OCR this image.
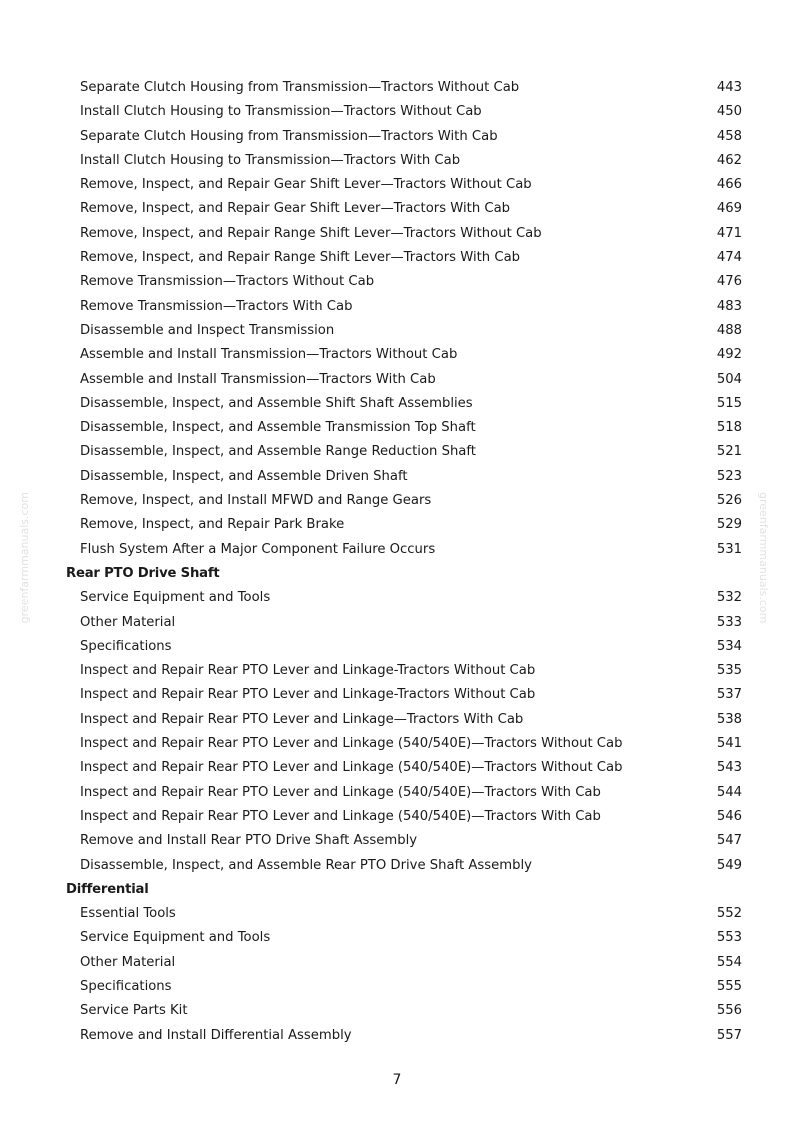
greenfarmmanuals.com	greenfarmmanuals.com
Separate Clutch Housing from Transmission—Tractors Without Cab	443
Install Clutch Housing to Transmission—Tractors Without Cab	450
Separate Clutch Housing from Transmission—Tractors With Cab	458
Install Clutch Housing to Transmission—Tractors With Cab	462
Remove, Inspect, and Repair Gear Shift Lever—Tractors Without Cab	466
Remove, Inspect, and Repair Gear Shift Lever—Tractors With Cab	469
Remove, Inspect, and Repair Range Shift Lever—Tractors Without Cab	471
Remove, Inspect, and Repair Range Shift Lever—Tractors With Cab	474
Remove Transmission—Tractors Without Cab	476
Remove Transmission—Tractors With Cab	483
Disassemble and Inspect Transmission	488
Assemble and Install Transmission—Tractors Without Cab	492
Assemble and Install Transmission—Tractors With Cab	504
Disassemble, Inspect, and Assemble Shift Shaft Assemblies	515
Disassemble, Inspect, and Assemble Transmission Top Shaft	518
Disassemble, Inspect, and Assemble Range Reduction Shaft	521
Disassemble, Inspect, and Assemble Driven Shaft	523
Remove, Inspect, and Install MFWD and Range Gears	526
Remove, Inspect, and Repair Park Brake	529
Flush System After a Major Component Failure Occurs	531
Rear PTO Drive Shaft
Service Equipment and Tools	532
Other Material	533
Specifications	534
Inspect and Repair Rear PTO Lever and Linkage-Tractors Without Cab	535
Inspect and Repair Rear PTO Lever and Linkage-Tractors Without Cab	537
Inspect and Repair Rear PTO Lever and Linkage—Tractors With Cab	538
Inspect and Repair Rear PTO Lever and Linkage (540/540E)—Tractors Without Cab	541
Inspect and Repair Rear PTO Lever and Linkage (540/540E)—Tractors Without Cab	543
Inspect and Repair Rear PTO Lever and Linkage (540/540E)—Tractors With Cab	544
Inspect and Repair Rear PTO Lever and Linkage (540/540E)—Tractors With Cab	546
Remove and Install Rear PTO Drive Shaft Assembly	547
Disassemble, Inspect, and Assemble Rear PTO Drive Shaft Assembly	549
Differential
Essential Tools	552
Service Equipment and Tools	553
Other Material	554
Specifications	555
Service Parts Kit	556
Remove and Install Differential Assembly	557
7
